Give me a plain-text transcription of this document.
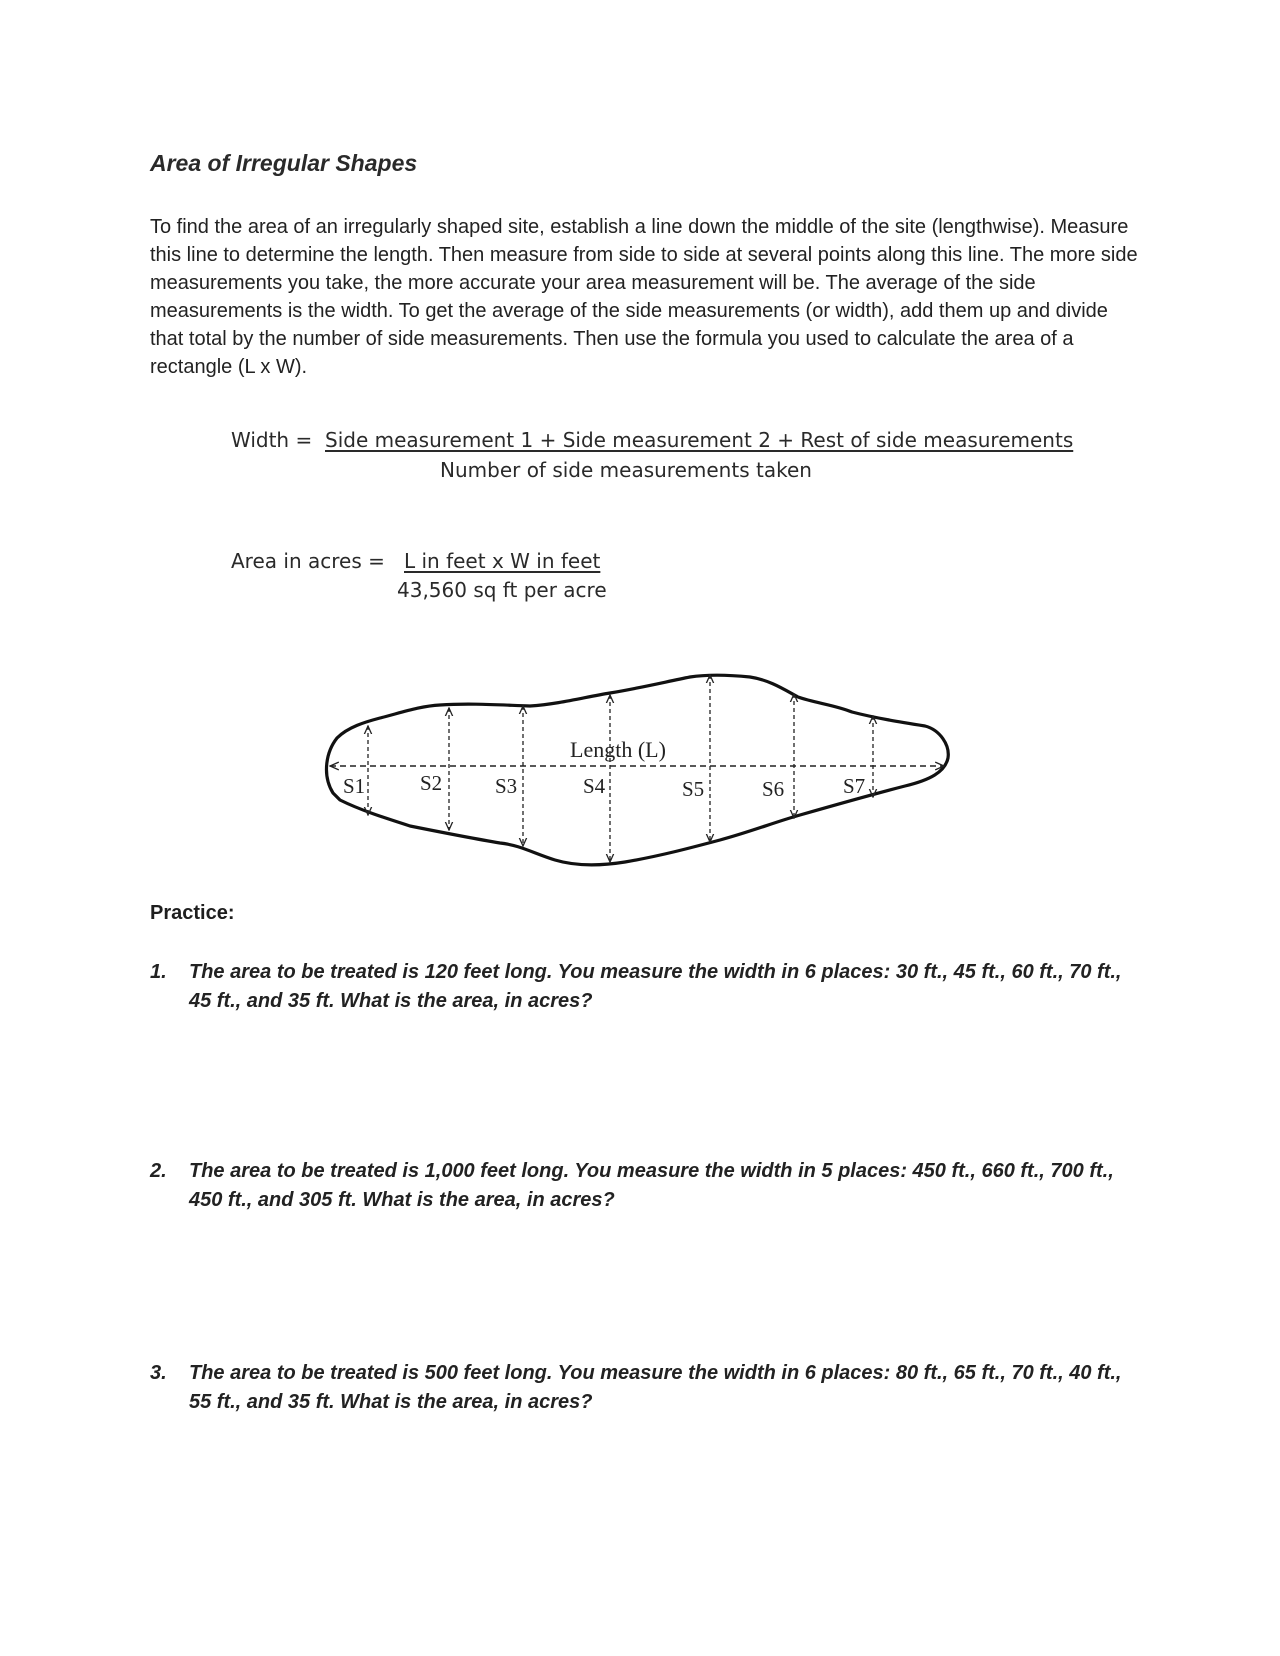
Area of Irregular Shapes

To find the area of an irregularly shaped site, establish a line down the middle of the site (lengthwise). Measure this line to determine the length. Then measure from side to side at several points along this line. The more side measurements you take, the more accurate your area measurement will be. The average of the side measurements is the width. To get the average of the side measurements (or width), add them up and divide that total by the number of side measurements. Then use the formula you used to calculate the area of a rectangle (L x W).

Width = Side measurement 1 + Side measurement 2 + Rest of side measurements
Number of side measurements taken
Area in acres = L in feet x W in feet
43,560 sq ft per acre
Length (L)
S1	S2	S3	S4	S5	S6	S7

Practice:

1. The area to be treated is 120 feet long. You measure the width in 6 places: 30 ft., 45 ft., 60 ft., 70 ft., 45 ft., and 35 ft. What is the area, in acres?
2. The area to be treated is 1,000 feet long. You measure the width in 5 places: 450 ft., 660 ft., 700 ft., 450 ft., and 305 ft. What is the area, in acres?
3. The area to be treated is 500 feet long. You measure the width in 6 places: 80 ft., 65 ft., 70 ft., 40 ft., 55 ft., and 35 ft. What is the area, in acres?
